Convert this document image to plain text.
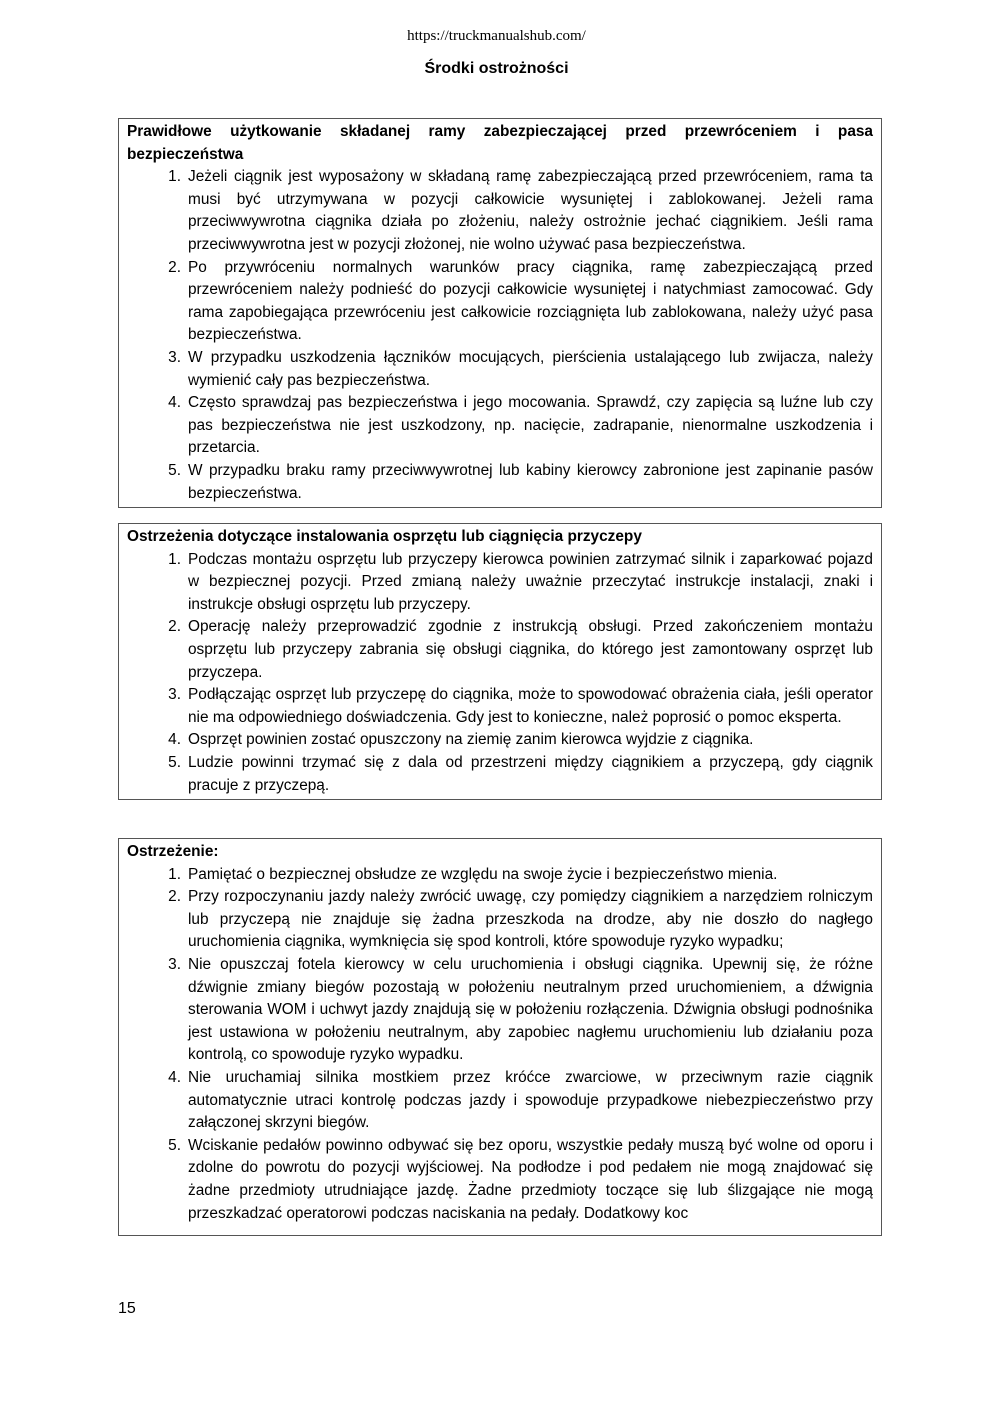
https://truckmanualshub.com/
Środki ostrożności
Prawidłowe użytkowanie składanej ramy zabezpieczającej przed przewróceniem i pasa bezpieczeństwa
1. Jeżeli ciągnik jest wyposażony w składaną ramę zabezpieczającą przed przewróceniem, rama ta musi być utrzymywana w pozycji całkowicie wysuniętej i zablokowanej. Jeżeli rama przeciwwywrotna ciągnika działa po złożeniu, należy ostrożnie jechać ciągnikiem. Jeśli rama przeciwwywrotna jest w pozycji złożonej, nie wolno używać pasa bezpieczeństwa.
2. Po przywróceniu normalnych warunków pracy ciągnika, ramę zabezpieczającą przed przewróceniem należy podnieść do pozycji całkowicie wysuniętej i natychmiast zamocować. Gdy rama zapobiegająca przewróceniu jest całkowicie rozciągnięta lub zablokowana, należy użyć pasa bezpieczeństwa.
3. W przypadku uszkodzenia łączników mocujących, pierścienia ustalającego lub zwijacza, należy wymienić cały pas bezpieczeństwa.
4. Często sprawdzaj pas bezpieczeństwa i jego mocowania. Sprawdź, czy zapięcia są luźne lub czy pas bezpieczeństwa nie jest uszkodzony, np. nacięcie, zadrapanie, nienormalne uszkodzenia i przetarcia.
5. W przypadku braku ramy przeciwwywrotnej lub kabiny kierowcy zabronione jest zapinanie pasów bezpieczeństwa.
Ostrzeżenia dotyczące instalowania osprzętu lub ciągnięcia przyczepy
1. Podczas montażu osprzętu lub przyczepy kierowca powinien zatrzymać silnik i zaparkować pojazd w bezpiecznej pozycji. Przed zmianą należy uważnie przeczytać instrukcje instalacji, znaki i instrukcje obsługi osprzętu lub przyczepy.
2. Operację należy przeprowadzić zgodnie z instrukcją obsługi. Przed zakończeniem montażu osprzętu lub przyczepy zabrania się obsługi ciągnika, do którego jest zamontowany osprzęt lub przyczepa.
3. Podłączając osprzęt lub przyczepę do ciągnika, może to spowodować obrażenia ciała, jeśli operator nie ma odpowiedniego doświadczenia. Gdy jest to konieczne, należ poprosić o pomoc eksperta.
4. Osprzęt powinien zostać opuszczony na ziemię zanim kierowca wyjdzie z ciągnika.
5. Ludzie powinni trzymać się z dala od przestrzeni między ciągnikiem a przyczepą, gdy ciągnik pracuje z przyczepą.
Ostrzeżenie:
1. Pamiętać o bezpiecznej obsłudze ze względu na swoje życie i bezpieczeństwo mienia.
2. Przy rozpoczynaniu jazdy należy zwrócić uwagę, czy pomiędzy ciągnikiem a narzędziem rolniczym lub przyczepą nie znajduje się żadna przeszkoda na drodze, aby nie doszło do nagłego uruchomienia ciągnika, wymknięcia się spod kontroli, które spowoduje ryzyko wypadku;
3. Nie opuszczaj fotela kierowcy w celu uruchomienia i obsługi ciągnika. Upewnij się, że różne dźwignie zmiany biegów pozostają w położeniu neutralnym przed uruchomieniem, a dźwignia sterowania WOM i uchwyt jazdy znajdują się w położeniu rozłączenia. Dźwignia obsługi podnośnika jest ustawiona w położeniu neutralnym, aby zapobiec nagłemu uruchomieniu lub działaniu poza kontrolą, co spowoduje ryzyko wypadku.
4. Nie uruchamiaj silnika mostkiem przez króćce zwarciowe, w przeciwnym razie ciągnik automatycznie utraci kontrolę podczas jazdy i spowoduje przypadkowe niebezpieczeństwo przy załączonej skrzyni biegów.
5. Wciskanie pedałów powinno odbywać się bez oporu, wszystkie pedały muszą być wolne od oporu i zdolne do powrotu do pozycji wyjściowej. Na podłodze i pod pedałem nie mogą znajdować się żadne przedmioty utrudniające jazdę. Żadne przedmioty toczące się lub ślizgające nie mogą przeszkadzać operatorowi podczas naciskania na pedały. Dodatkowy koc
15
